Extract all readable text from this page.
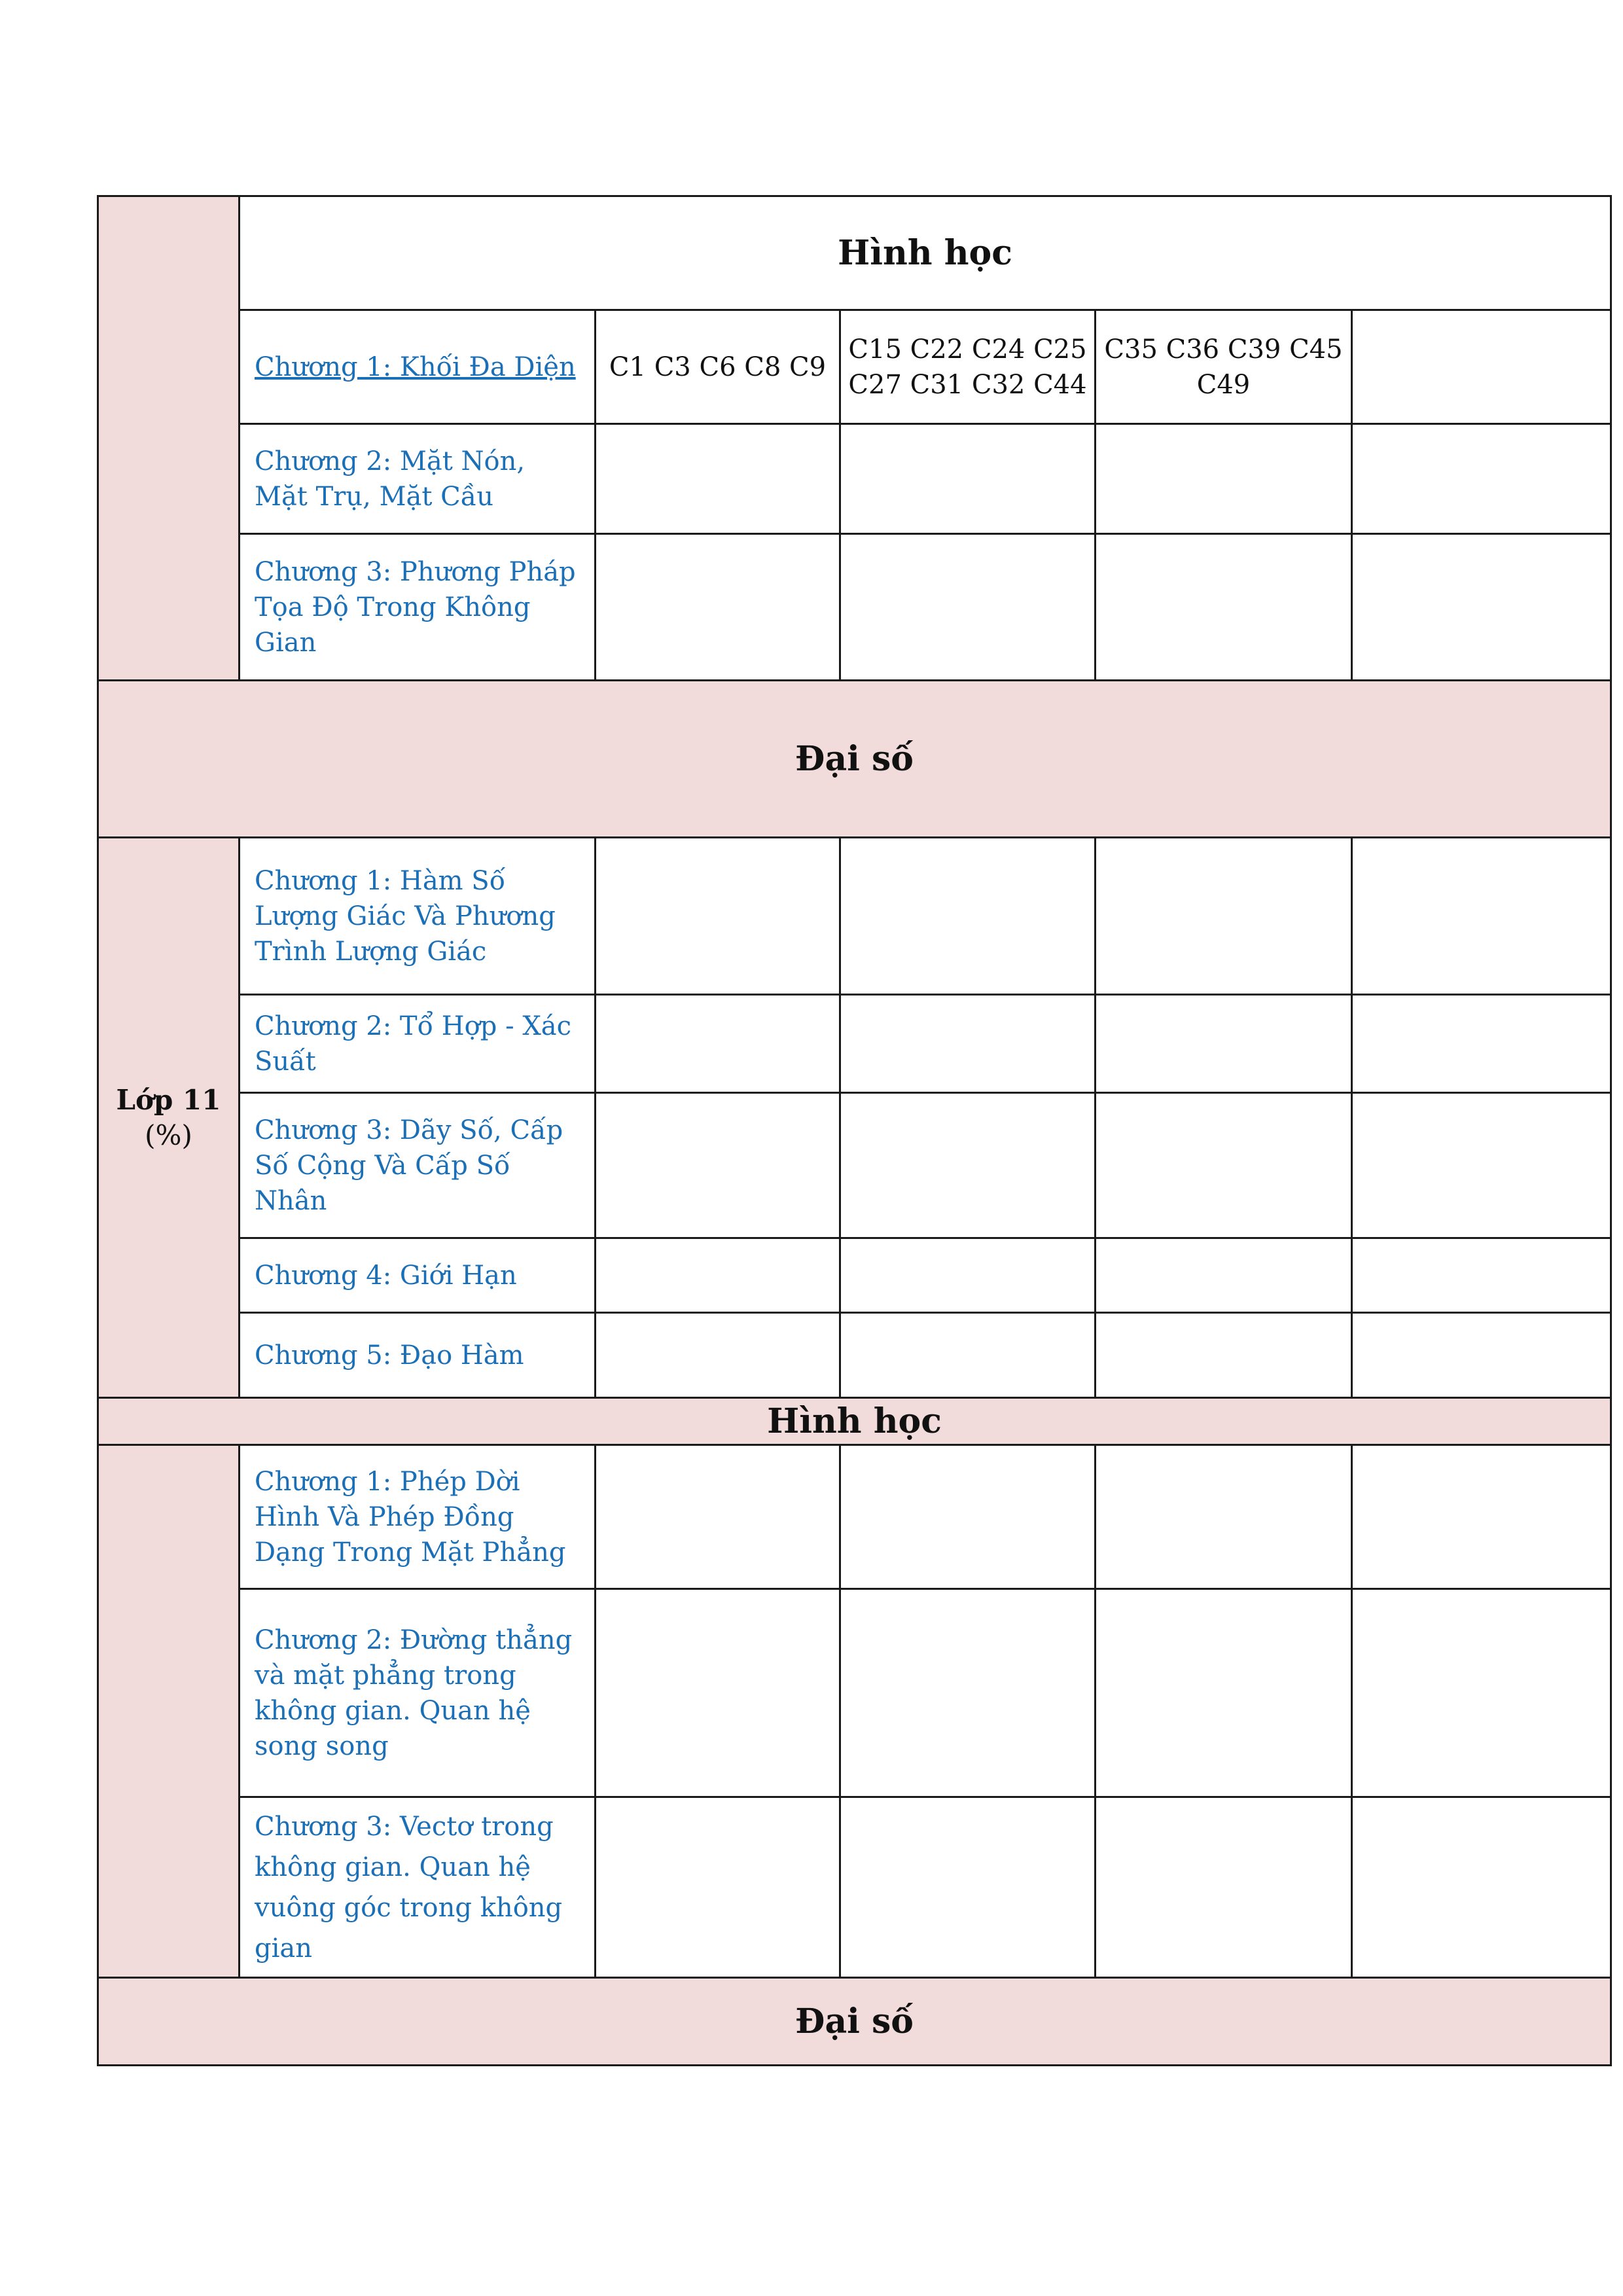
	Hình học				
	Chương 1: Khối Đa Diện	C1 C3 C6 C8 C9	C15 C22 C24 C25 C27 C31 C32 C44	C35 C36 C39 C45 C49	
	Chương 2: Mặt Nón, Mặt Trụ, Mặt Cầu				
	Chương 3: Phương Pháp Tọa Độ Trong Không Gian				
Đại số					

Lớp 11
(%)	Chương 1: Hàm Số Lượng Giác Và Phương Trình Lượng Giác				
	Chương 2: Tổ Hợp - Xác Suất				
	Chương 3: Dãy Số, Cấp Số Cộng Và Cấp Số Nhân				
	Chương 4: Giới Hạn				
	Chương 5: Đạo Hàm				
Hình học					
	Chương 1: Phép Dời Hình Và Phép Đồng Dạng Trong Mặt Phẳng				
	Chương 2: Đường thẳng và mặt phẳng trong không gian. Quan hệ song song				
	Chương 3: Vectơ trong không gian. Quan hệ vuông góc trong không gian				
Đại số					
